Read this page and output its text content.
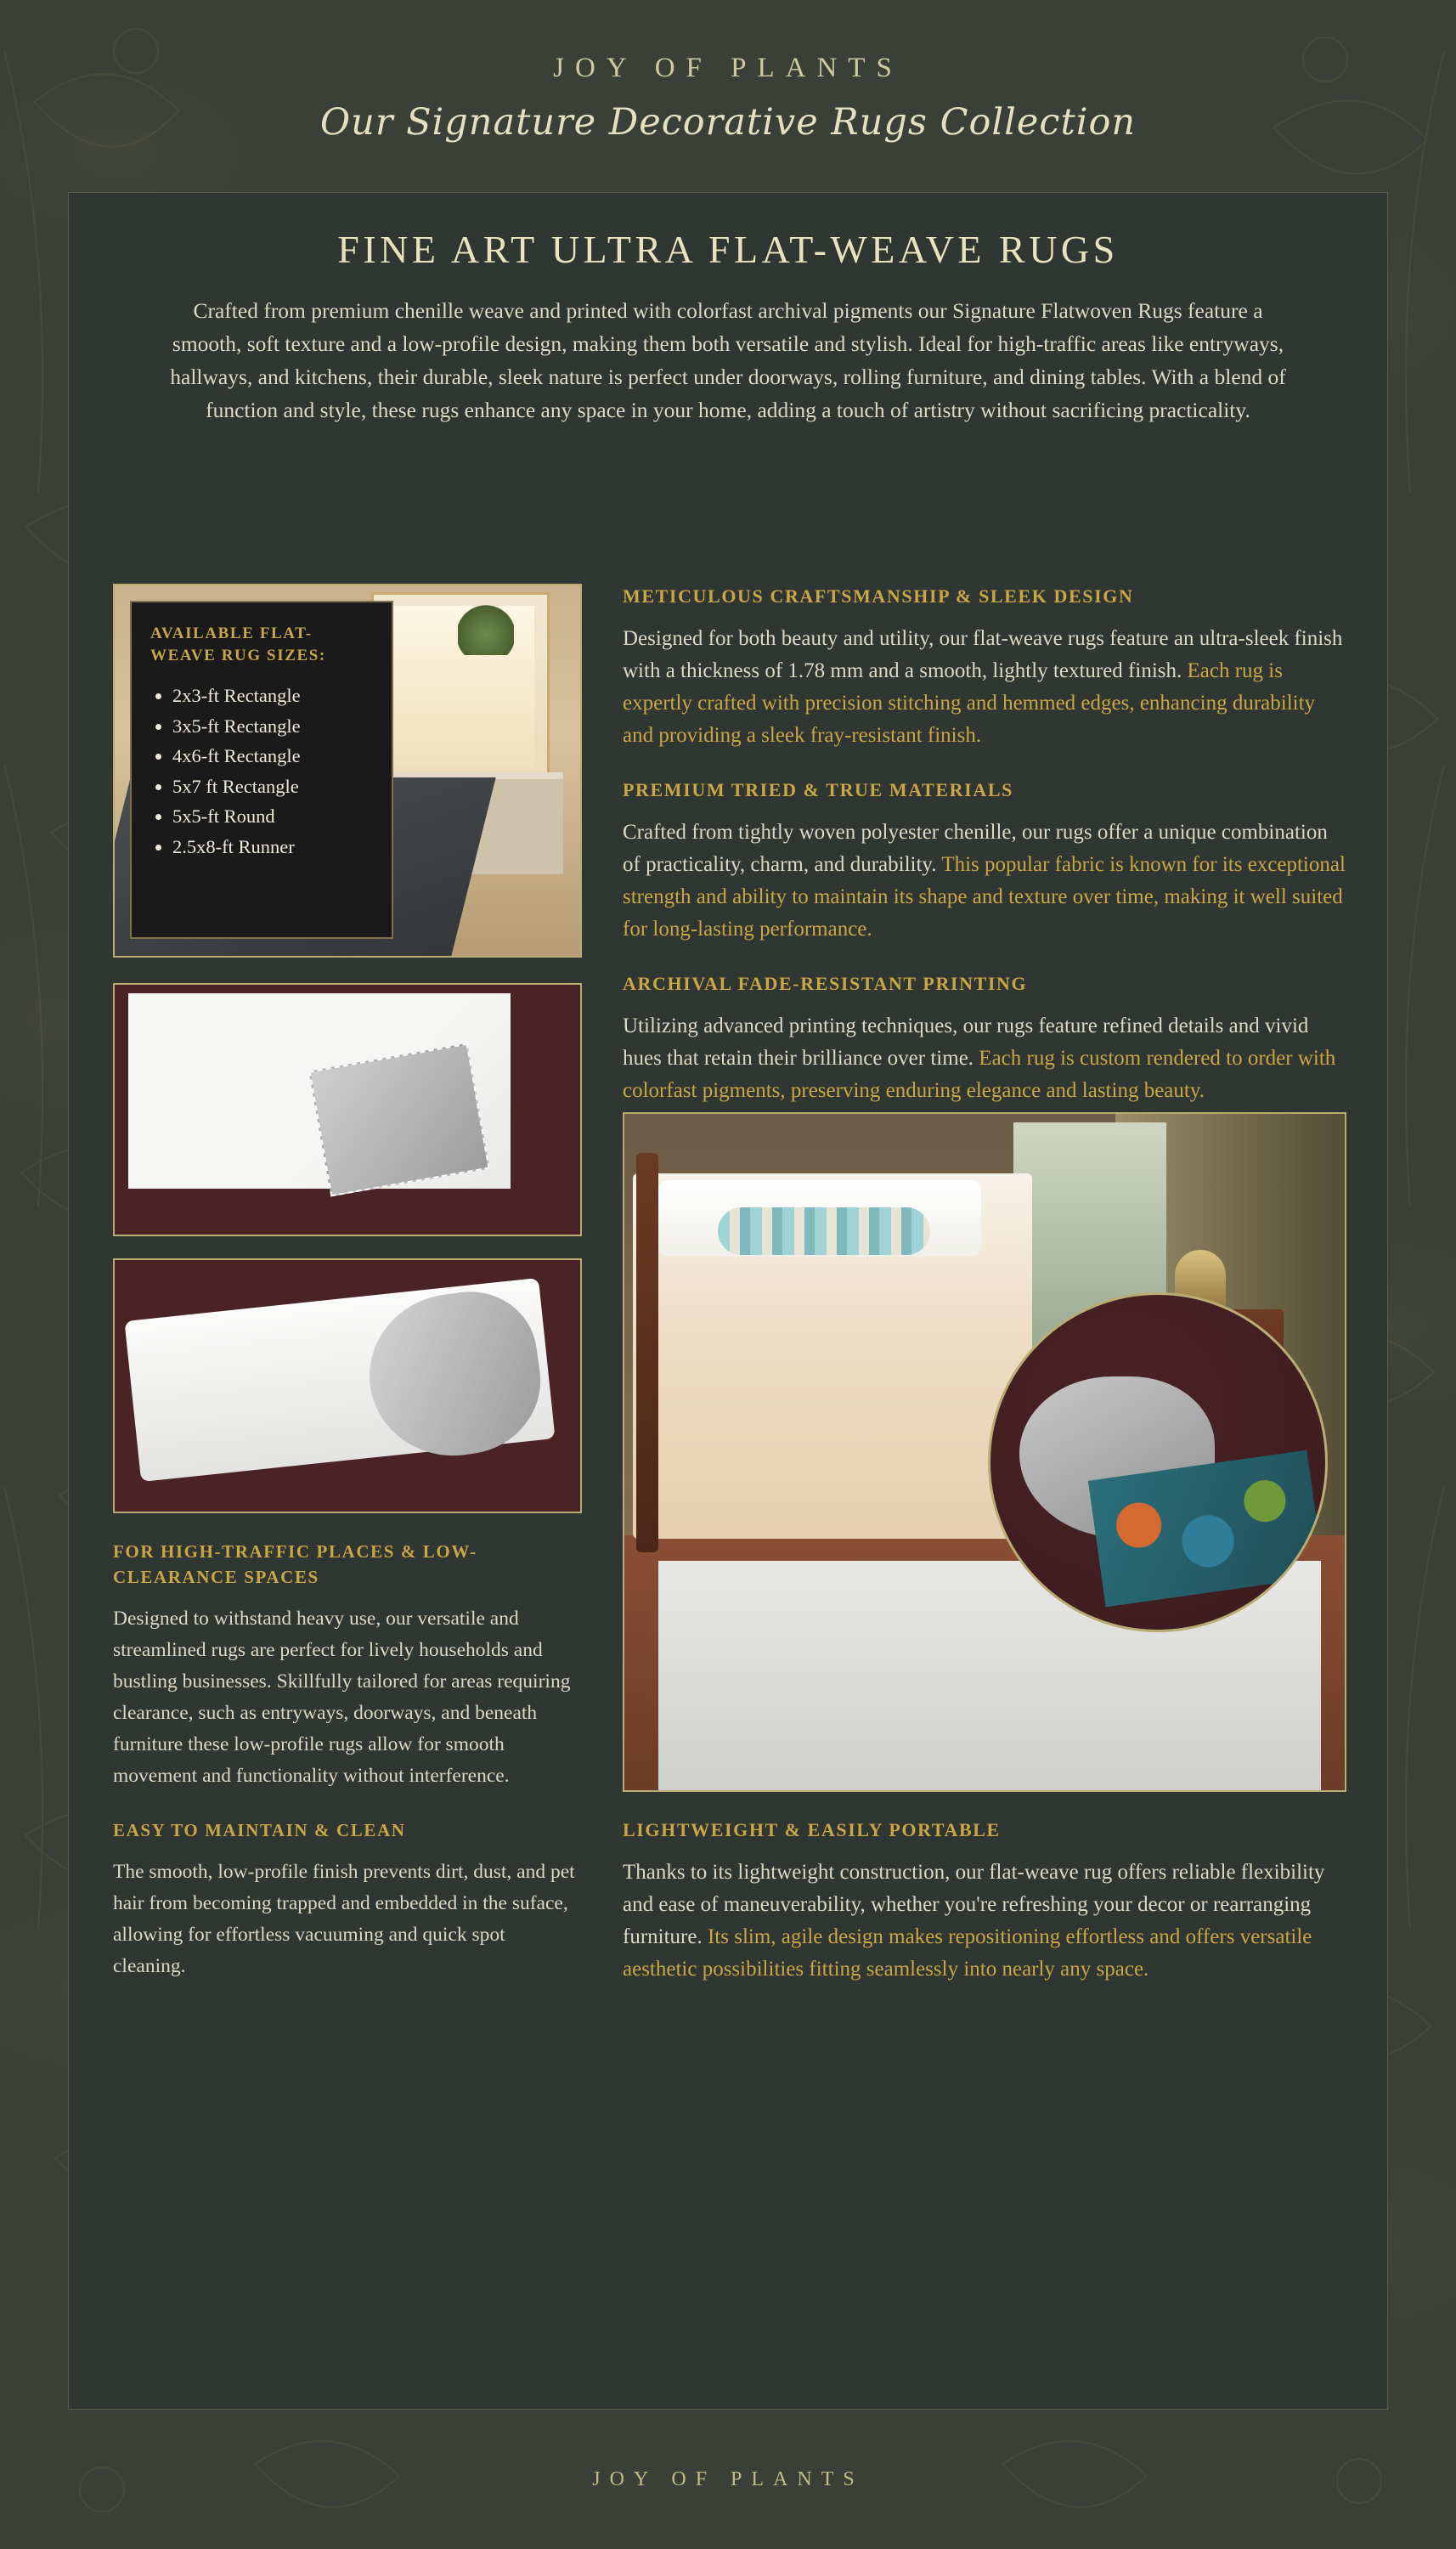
JOY OF PLANTS
Our Signature Decorative Rugs Collection
FINE ART ULTRA FLAT-WEAVE RUGS

Crafted from premium chenille weave and printed with colorfast archival pigments our Signature Flatwoven Rugs feature a smooth, soft texture and a low-profile design, making them both versatile and stylish. Ideal for high-traffic areas like entryways, hallways, and kitchens, their durable, sleek nature is perfect under doorways, rolling furniture, and dining tables. With a blend of function and style, these rugs enhance any space in your home, adding a touch of artistry without sacrificing practicality.

AVAILABLE FLAT-WEAVE RUG SIZES:
• 2x3-ft Rectangle
• 3x5-ft Rectangle
• 4x6-ft Rectangle
• 5x7 ft Rectangle
• 5x5-ft Round
• 2.5x8-ft Runner
FOR HIGH-TRAFFIC PLACES & LOW-CLEARANCE SPACES

Designed to withstand heavy use, our versatile and streamlined rugs are perfect for lively households and bustling businesses. Skillfully tailored for areas requiring clearance, such as entryways, doorways, and beneath furniture these low-profile rugs allow for smooth movement and functionality without interference.

EASY TO MAINTAIN & CLEAN

The smooth, low-profile finish prevents dirt, dust, and pet hair from becoming trapped and embedded in the suface, allowing for effortless vacuuming and quick spot cleaning.

METICULOUS CRAFTSMANSHIP & SLEEK DESIGN

Designed for both beauty and utility, our flat-weave rugs feature an ultra-sleek finish with a thickness of 1.78 mm and a smooth, lightly textured finish. Each rug is expertly crafted with precision stitching and hemmed edges, enhancing durability and providing a sleek fray-resistant finish.

PREMIUM TRIED & TRUE MATERIALS

Crafted from tightly woven polyester chenille, our rugs offer a unique combination of practicality, charm, and durability. This popular fabric is known for its exceptional strength and ability to maintain its shape and texture over time, making it well suited for long-lasting performance.

ARCHIVAL FADE-RESISTANT PRINTING

Utilizing advanced printing techniques, our rugs feature refined details and vivid hues that retain their brilliance over time. Each rug is custom rendered to order with colorfast pigments, preserving enduring elegance and lasting beauty.

LIGHTWEIGHT & EASILY PORTABLE

Thanks to its lightweight construction, our flat-weave rug offers reliable flexibility and ease of maneuverability, whether you're refreshing your decor or rearranging furniture. Its slim, agile design makes repositioning effortless and offers versatile aesthetic possibilities fitting seamlessly into nearly any space.

JOY OF PLANTS
